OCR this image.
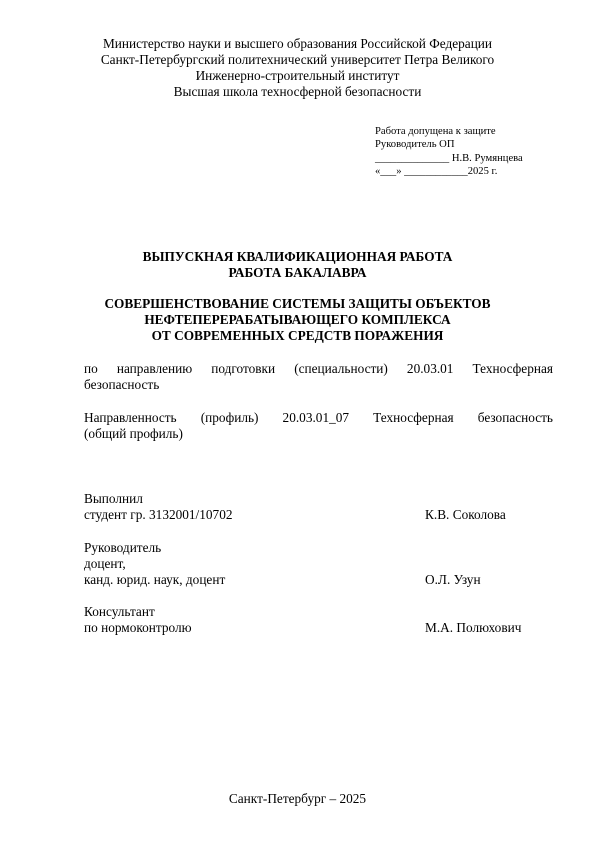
Министерство науки и высшего образования Российской Федерации
Санкт-Петербургский политехнический университет Петра Великого
Инженерно-строительный институт
Высшая школа техносферной безопасности
Работа допущена к защите
Руководитель ОП
______________ Н.В. Румянцева
«___» ____________2025 г.
ВЫПУСКНАЯ КВАЛИФИКАЦИОННАЯ РАБОТА
РАБОТА БАКАЛАВРА
СОВЕРШЕНСТВОВАНИЕ СИСТЕМЫ ЗАЩИТЫ ОБЪЕКТОВ
НЕФТЕПЕРЕРАБАТЫВАЮЩЕГО КОМПЛЕКСА
ОТ СОВРЕМЕННЫХ СРЕДСТВ ПОРАЖЕНИЯ
по направлению подготовки (специальности) 20.03.01 Техносферная
безопасность
Направленность (профиль) 20.03.01_07 Техносферная безопасность
(общий профиль)
Выполнил
студент гр. 3132001/10702	К.В. Соколова
Руководитель
доцент,
канд. юрид. наук, доцент	О.Л. Узун
Консультант
по нормоконтролю	М.А. Полюхович
Санкт-Петербург – 2025
